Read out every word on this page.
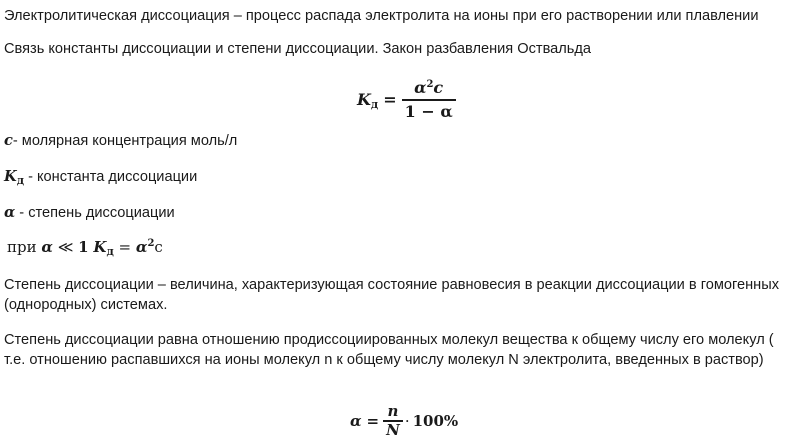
Электролитическая диссоциация – процесс распада электролита на ионы при его растворении или плавлении
Связь константы диссоциации и степени диссоциации. Закон разбавления Оствальда
$K_д = \frac{\alpha^2c}{1 - \alpha}$
c- молярная концентрация моль/л
$K_д$ - константа диссоциации
α - степень диссоциации
при α ≪ 1 $K_д = \alpha^2с$
Степень диссоциации – величина, характеризующая состояние равновесия в реакции диссоциации в гомогенных (однородных) системах.
Степень диссоциации равна отношению продиссоциированных молекул вещества к общему числу его молекул ( т.е. отношению распавшихся на ионы молекул n к общему числу молекул N электролита, введенных в раствор)
$\alpha = \frac{n}{N} \cdot 100\%$
